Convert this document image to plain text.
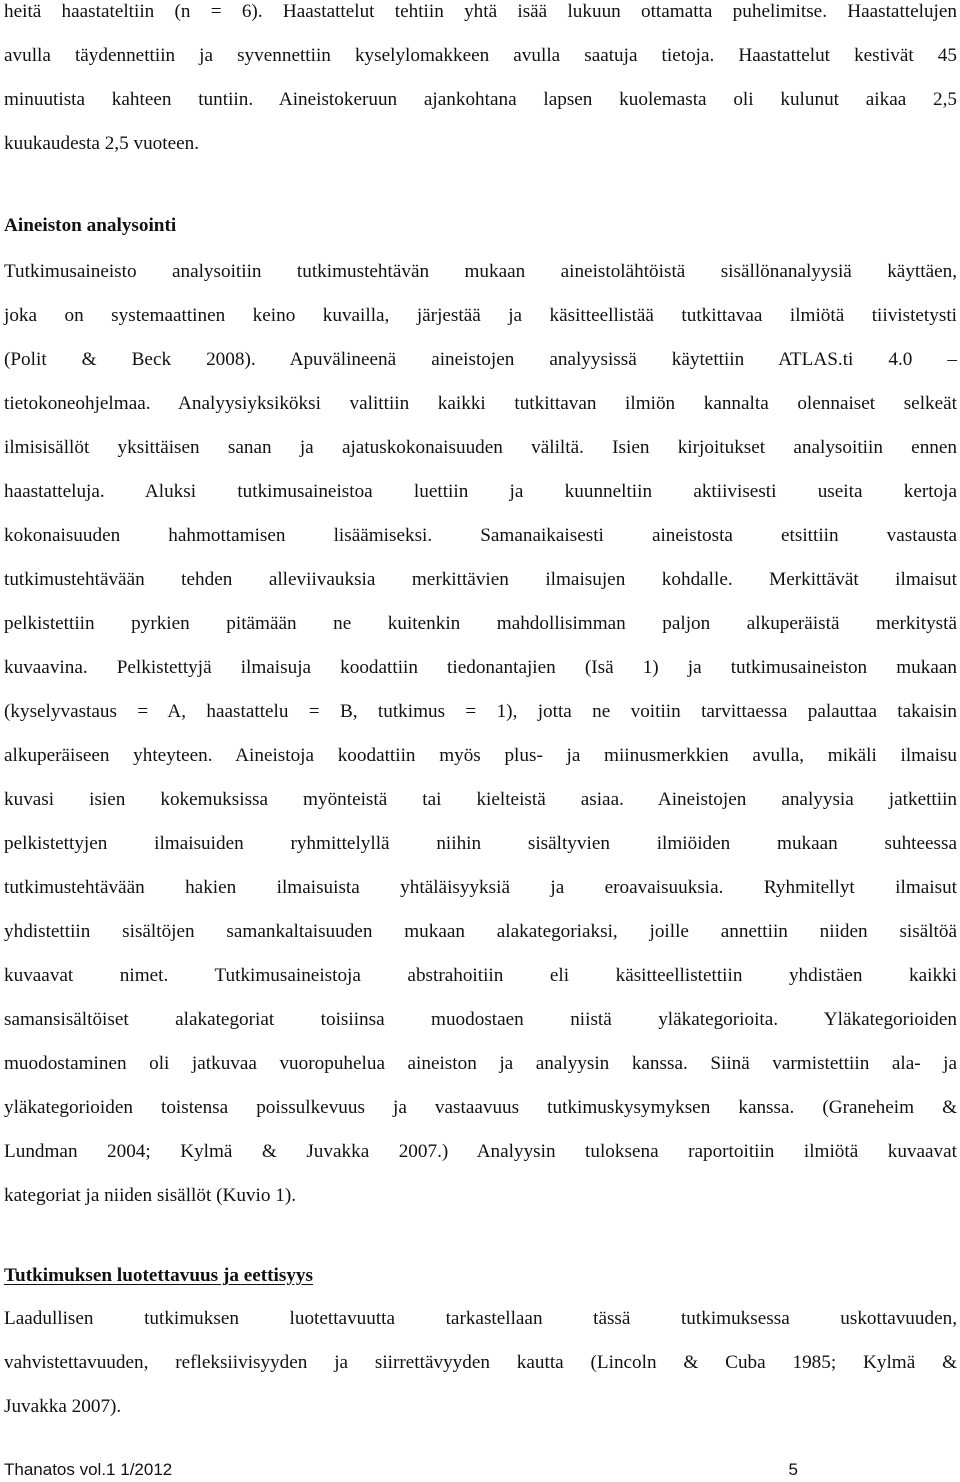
heitä haastateltiin (n = 6). Haastattelut tehtiin yhtä isää lukuun ottamatta puhelimitse. Haastattelujen
avulla täydennettiin ja syvennettiin kyselylomakkeen avulla saatuja tietoja. Haastattelut kestivät 45
minuutista kahteen tuntiin. Aineistokeruun ajankohtana lapsen kuolemasta oli kulunut aikaa 2,5
kuukaudesta 2,5 vuoteen.
Aineiston analysointi
Tutkimusaineisto analysoitiin tutkimustehtävän mukaan aineistolähtöistä sisällönanalyysiä käyttäen,
joka on systemaattinen keino kuvailla, järjestää ja käsitteellistää tutkittavaa ilmiötä tiivistetysti
(Polit & Beck 2008). Apuvälineenä aineistojen analyysissä käytettiin ATLAS.ti 4.0 –
tietokoneohjelmaa. Analyysiyksiköksi valittiin kaikki tutkittavan ilmiön kannalta olennaiset selkeät
ilmisisällöt yksittäisen sanan ja ajatuskokonaisuuden väliltä. Isien kirjoitukset analysoitiin ennen
haastatteluja. Aluksi tutkimusaineistoa luettiin ja kuunneltiin aktiivisesti useita kertoja
kokonaisuuden hahmottamisen lisäämiseksi. Samanaikaisesti aineistosta etsittiin vastausta
tutkimustehtävään tehden alleviivauksia merkittävien ilmaisujen kohdalle. Merkittävät ilmaisut
pelkistettiin pyrkien pitämään ne kuitenkin mahdollisimman paljon alkuperäistä merkitystä
kuvaavina. Pelkistettyjä ilmaisuja koodattiin tiedonantajien (Isä 1) ja tutkimusaineiston mukaan
(kyselyvastaus = A, haastattelu = B, tutkimus = 1), jotta ne voitiin tarvittaessa palauttaa takaisin
alkuperäiseen yhteyteen. Aineistoja koodattiin myös plus- ja miinusmerkkien avulla, mikäli ilmaisu
kuvasi isien kokemuksissa myönteistä tai kielteistä asiaa. Aineistojen analyysia jatkettiin
pelkistettyjen ilmaisuiden ryhmittelyllä niihin sisältyvien ilmiöiden mukaan suhteessa
tutkimustehtävään hakien ilmaisuista yhtäläisyyksiä ja eroavaisuuksia. Ryhmitellyt ilmaisut
yhdistettiin sisältöjen samankaltaisuuden mukaan alakategoriaksi, joille annettiin niiden sisältöä
kuvaavat nimet. Tutkimusaineistoja abstrahoitiin eli käsitteellistettiin yhdistäen kaikki
samansisältöiset alakategoriat toisiinsa muodostaen niistä yläkategorioita. Yläkategorioiden
muodostaminen oli jatkuvaa vuoropuhelua aineiston ja analyysin kanssa. Siinä varmistettiin ala- ja
yläkategorioiden toistensa poissulkevuus ja vastaavuus tutkimuskysymyksen kanssa. (Graneheim &
Lundman 2004; Kylmä & Juvakka 2007.) Analyysin tuloksena raportoitiin ilmiötä kuvaavat
kategoriat ja niiden sisällöt (Kuvio 1).
Tutkimuksen luotettavuus ja eettisyys
Laadullisen tutkimuksen luotettavuutta tarkastellaan tässä tutkimuksessa uskottavuuden,
vahvistettavuuden, refleksiivisyyden ja siirrettävyyden kautta (Lincoln & Cuba 1985; Kylmä &
Juvakka 2007).
Thanatos vol.1 1/2012	5
